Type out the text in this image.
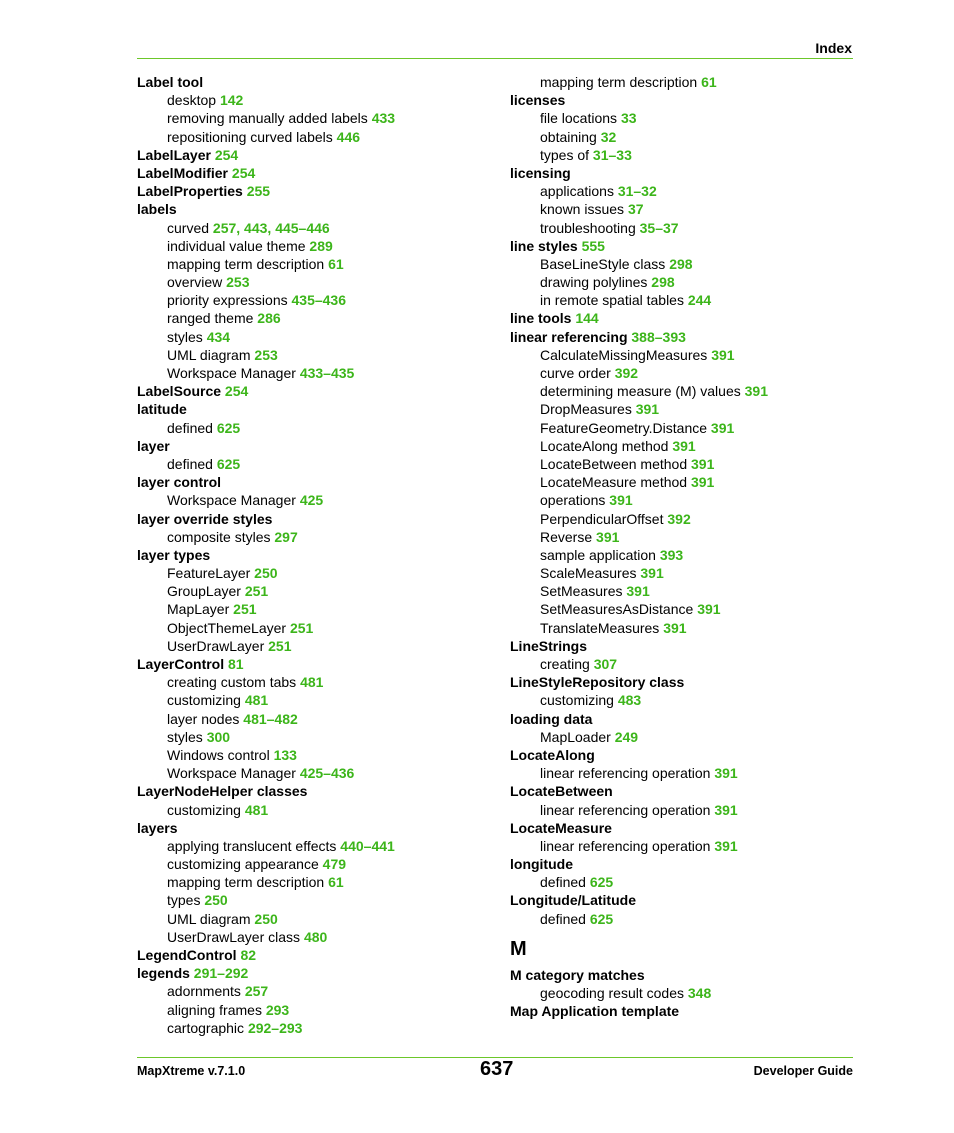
Index
Label tool
desktop 142
removing manually added labels 433
repositioning curved labels 446
LabelLayer 254
LabelModifier 254
LabelProperties 255
labels
curved 257, 443, 445–446
individual value theme 289
mapping term description 61
overview 253
priority expressions 435–436
ranged theme 286
styles 434
UML diagram 253
Workspace Manager 433–435
LabelSource 254
latitude
defined 625
layer
defined 625
layer control
Workspace Manager 425
layer override styles
composite styles 297
layer types
FeatureLayer 250
GroupLayer 251
MapLayer 251
ObjectThemeLayer 251
UserDrawLayer 251
LayerControl 81
creating custom tabs 481
customizing 481
layer nodes 481–482
styles 300
Windows control 133
Workspace Manager 425–436
LayerNodeHelper classes
customizing 481
layers
applying translucent effects 440–441
customizing appearance 479
mapping term description 61
types 250
UML diagram 250
UserDrawLayer class 480
LegendControl 82
legends 291–292
adornments 257
aligning frames 293
cartographic 292–293
mapping term description 61
licenses
file locations 33
obtaining 32
types of 31–33
licensing
applications 31–32
known issues 37
troubleshooting 35–37
line styles 555
BaseLineStyle class 298
drawing polylines 298
in remote spatial tables 244
line tools 144
linear referencing 388–393
CalculateMissingMeasures 391
curve order 392
determining measure (M) values 391
DropMeasures 391
FeatureGeometry.Distance 391
LocateAlong method 391
LocateBetween method 391
LocateMeasure method 391
operations 391
PerpendicularOffset 392
Reverse 391
sample application 393
ScaleMeasures 391
SetMeasures 391
SetMeasuresAsDistance 391
TranslateMeasures 391
LineStrings
creating 307
LineStyleRepository class
customizing 483
loading data
MapLoader 249
LocateAlong
linear referencing operation 391
LocateBetween
linear referencing operation 391
LocateMeasure
linear referencing operation 391
longitude
defined 625
Longitude/Latitude
defined 625
M
M category matches
geocoding result codes 348
Map Application template
MapXtreme v.7.1.0	637	Developer Guide
